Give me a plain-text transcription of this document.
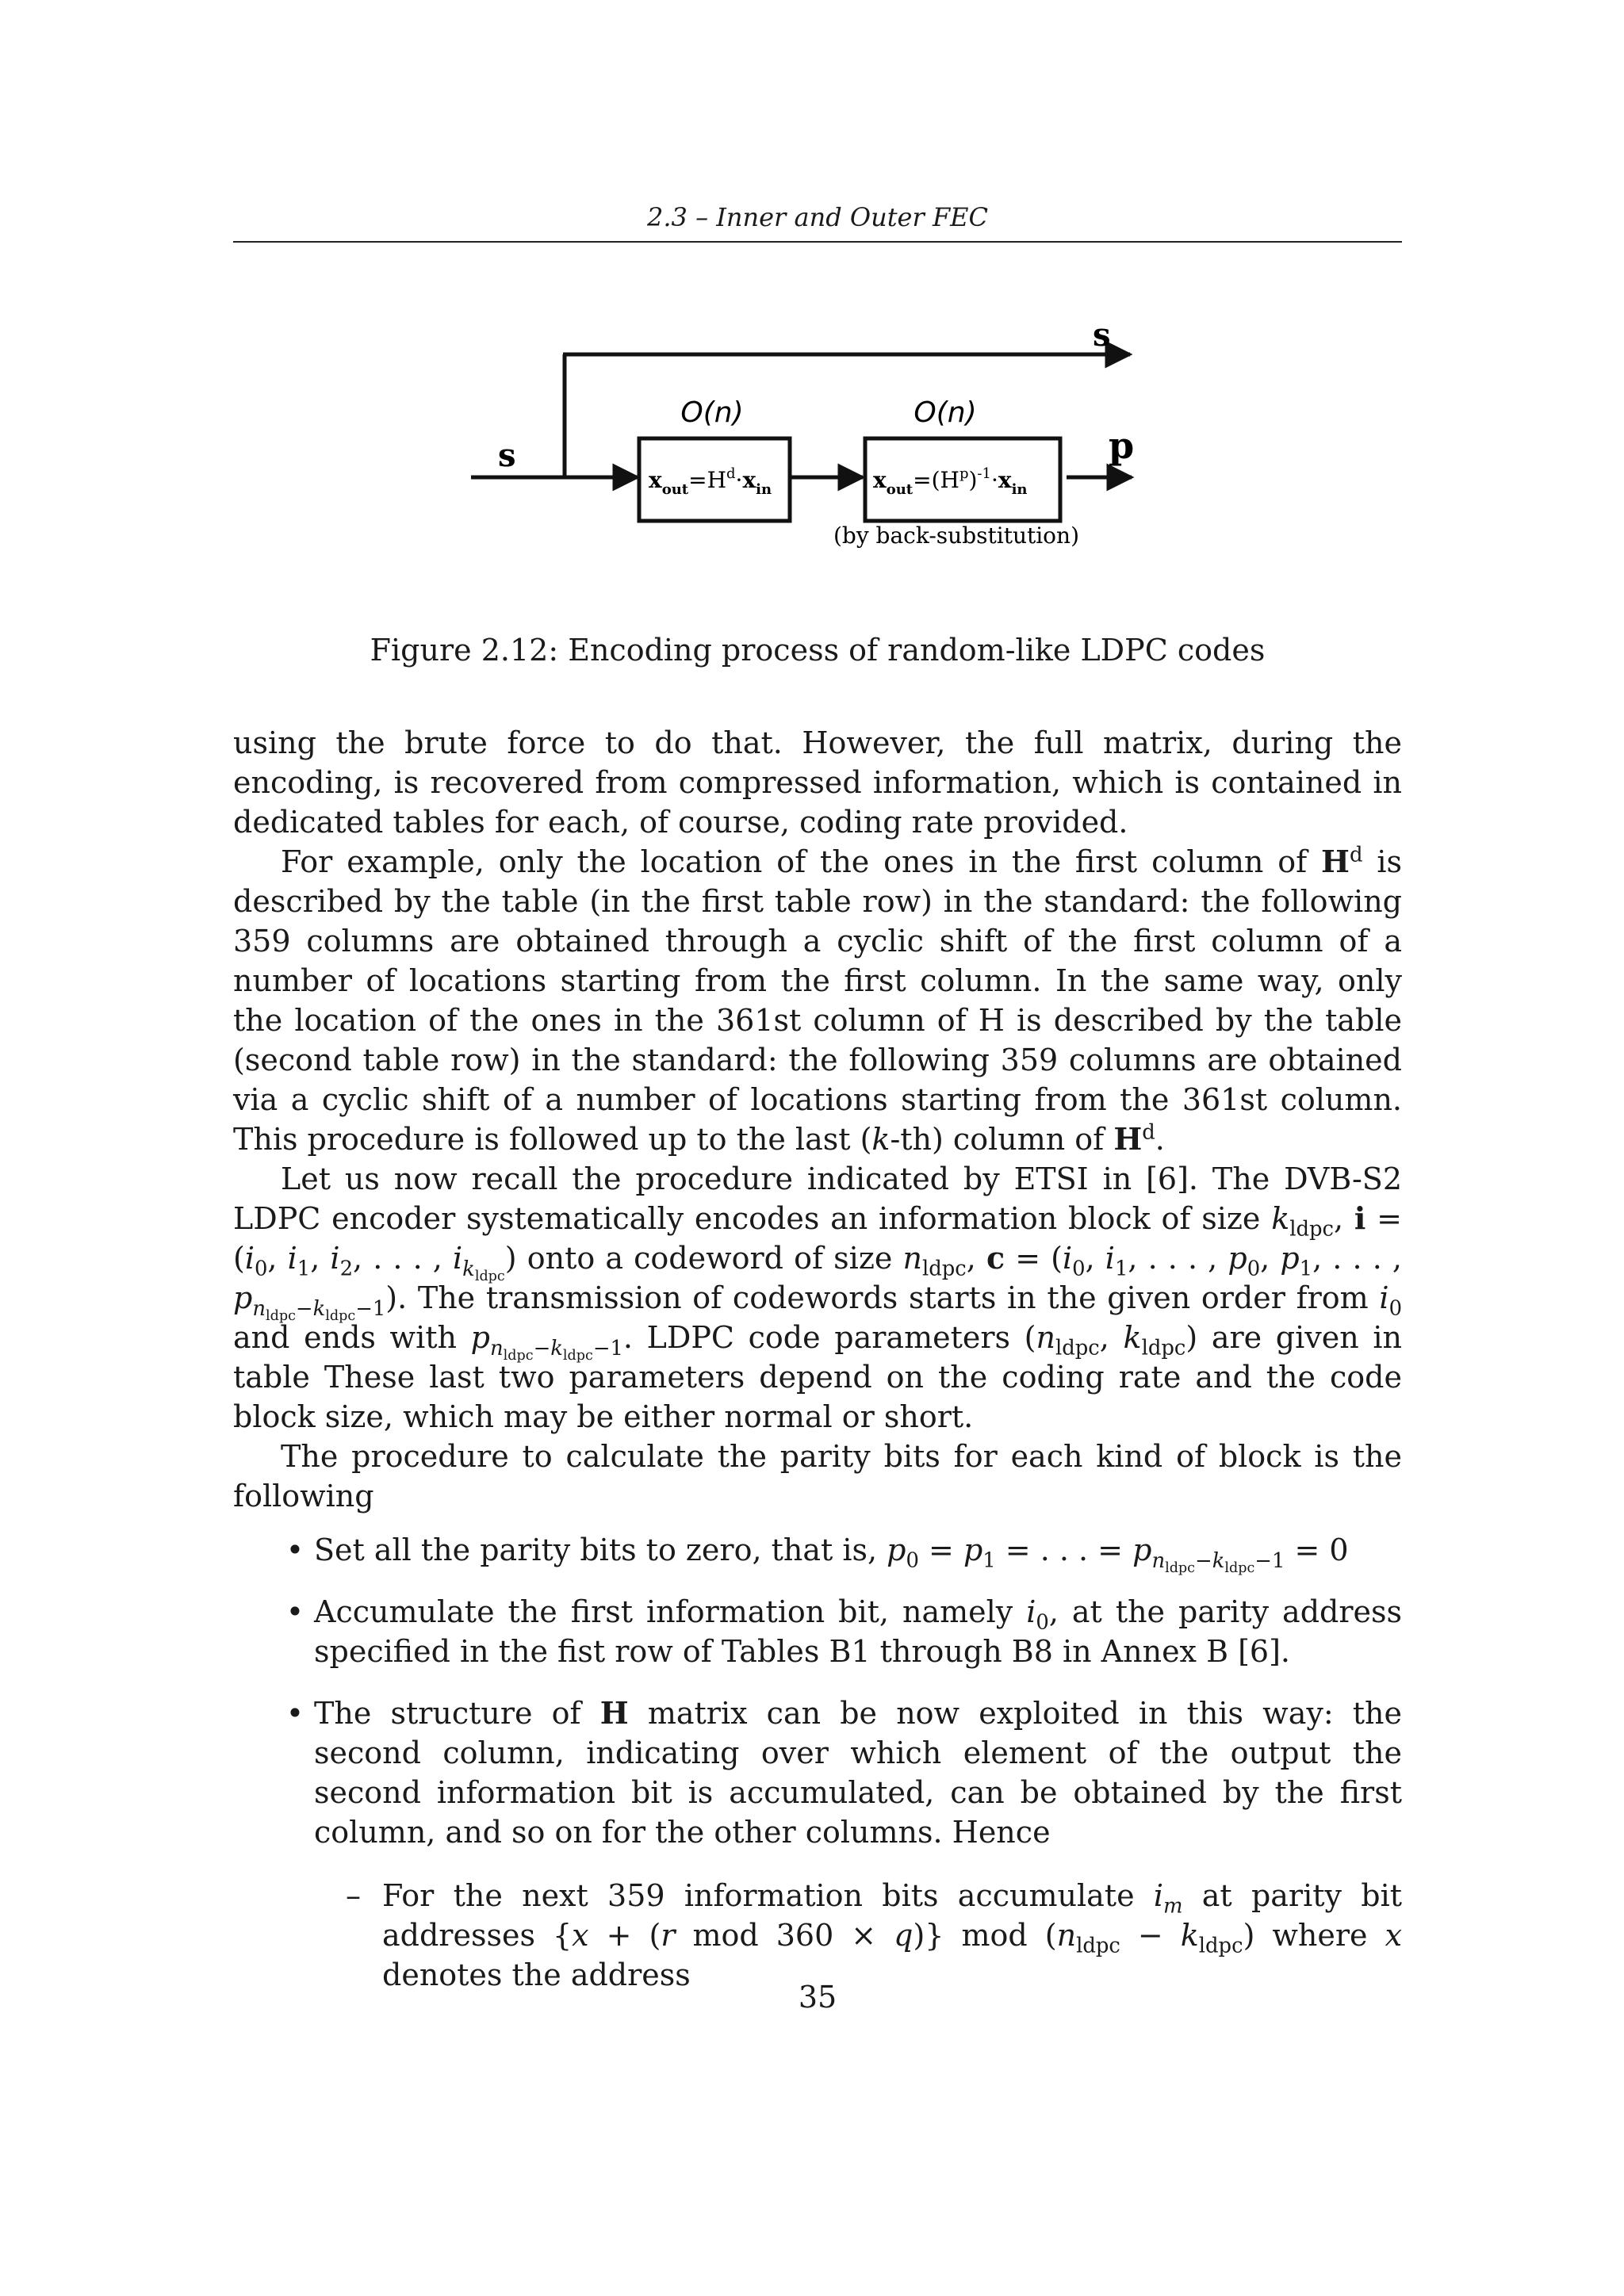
2.3 – Inner and Outer FEC
s
s	p
O(n)	O(n)
$x_{out}=H^d\cdot x_{in}$	$x_{out}=(H^p)^{-1}\cdot x_{in}$
(by back-substitution)
Figure 2.12: Encoding process of random-like LDPC codes

using the brute force to do that. However, the full matrix, during the encoding, is recovered from compressed information, which is contained in dedicated tables for each, of course, coding rate provided.

For example, only the location of the ones in the first column of $H^d$ is described by the table (in the first table row) in the standard: the following 359 columns are obtained through a cyclic shift of the first column of a number of locations starting from the first column. In the same way, only the location of the ones in the 361st column of H is described by the table (second table row) in the standard: the following 359 columns are obtained via a cyclic shift of a number of locations starting from the 361st column. This procedure is followed up to the last (k-th) column of $H^d$.

Let us now recall the procedure indicated by ETSI in [6]. The DVB-S2 LDPC encoder systematically encodes an information block of size $k_{ldpc}$, $i = (i_0$, $i_1$, $i_2$, . . . , $i_{k_{ldpc}}$) onto a codeword of size $n_{ldpc}$, $c = (i_0$, $i_1$, . . . , $p_0$, $p_1$, . . . , $p_{n_{ldpc}-k_{ldpc}-1}$). The transmission of codewords starts in the given order from $i_0$ and ends with $p_{n_{ldpc}-k_{ldpc}-1}$. LDPC code parameters ($n_{ldpc}$, $k_{ldpc}$) are given in table These last two parameters depend on the coding rate and the code block size, which may be either normal or short.

The procedure to calculate the parity bits for each kind of block is the following

• Set all the parity bits to zero, that is, $p_0 = p_1$ = . . . = $p_{n_{ldpc}-k_{ldpc}-1} = 0$
• Accumulate the first information bit, namely $i_0$, at the parity address specified in the fist row of Tables B1 through B8 in Annex B [6].
• The structure of H matrix can be now exploited in this way: the second column, indicating over which element of the output the second information bit is accumulated, can be obtained by the first column, and so on for the other columns. Hence
– For the next 359 information bits accumulate $i_m$ at parity bit addresses {x + (r mod 360 × q)} mod $(n_{ldpc} - k_{ldpc})$ where x denotes the address
35
